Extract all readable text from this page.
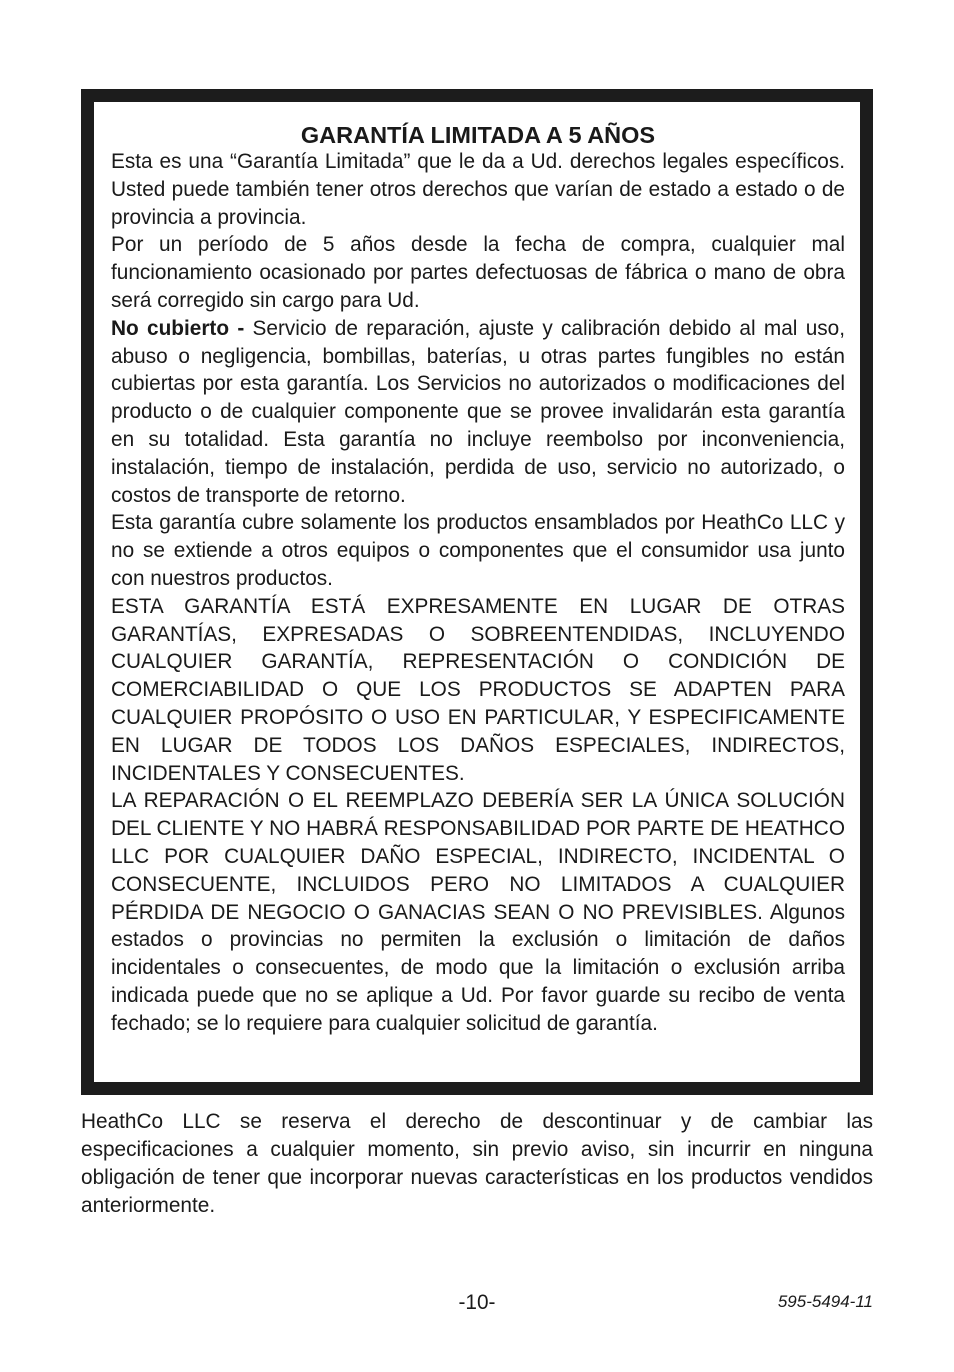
GARANTÍA LIMITADA A 5 AÑOS

Esta es una “Garantía Limitada” que le da a Ud. derechos legales específicos. Usted puede también tener otros derechos que varían de estado a estado o de provincia a provincia.

Por un período de 5 años desde la fecha de compra, cualquier mal funcionamiento ocasionado por partes defectuosas de fábrica o mano de obra será corregido sin cargo para Ud.

No cubierto - Servicio de reparación, ajuste y calibración debido al mal uso, abuso o negligencia, bombillas, baterías, u otras partes fungibles no están cubiertas por esta garantía. Los Servicios no autorizados o modificaciones del producto o de cualquier componente que se provee invalidarán esta garantía en su totalidad. Esta garantía no incluye reembolso por inconveniencia, instalación, tiempo de instalación, perdida de uso, servicio no autorizado, o costos de transporte de retorno.

Esta garantía cubre solamente los productos ensamblados por HeathCo LLC y no se extiende a otros equipos o componentes que el consumidor usa junto con nuestros productos.

ESTA GARANTÍA ESTÁ EXPRESAMENTE EN LUGAR DE OTRAS GARANTÍAS, EXPRESADAS O SOBREENTENDIDAS, INCLUYENDO CUALQUIER GARANTÍA, REPRESENTACIÓN O CONDICIÓN DE COMERCIABILIDAD O QUE LOS PRODUCTOS SE ADAPTEN PARA CUALQUIER PROPÓSITO O USO EN PARTICULAR, Y ESPECIFICAMENTE EN LUGAR DE TODOS LOS DAÑOS ESPECIALES, INDIRECTOS, INCIDENTALES Y CONSECUENTES.

LA REPARACIÓN O EL REEMPLAZO DEBERÍA SER LA ÚNICA SOLUCIÓN DEL CLIENTE Y NO HABRÁ RESPONSABILIDAD POR PARTE DE HEATHCO LLC POR CUALQUIER DAÑO ESPECIAL, INDIRECTO, INCIDENTAL O CONSECUENTE, INCLUIDOS PERO NO LIMITADOS A CUALQUIER PÉRDIDA DE NEGOCIO O GANACIAS SEAN O NO PREVISIBLES. Algunos estados o provincias no permiten la exclusión o limitación de daños incidentales o consecuentes, de modo que la limitación o exclusión arriba indicada puede que no se aplique a Ud. Por favor guarde su recibo de venta fechado; se lo requiere para cualquier solicitud de garantía.

HeathCo LLC se reserva el derecho de descontinuar y de cambiar las especificaciones a cualquier momento, sin previo aviso, sin incurrir en ninguna obligación de tener que incorporar nuevas características en los productos vendidos anteriormente.

-10-	595-5494-11
